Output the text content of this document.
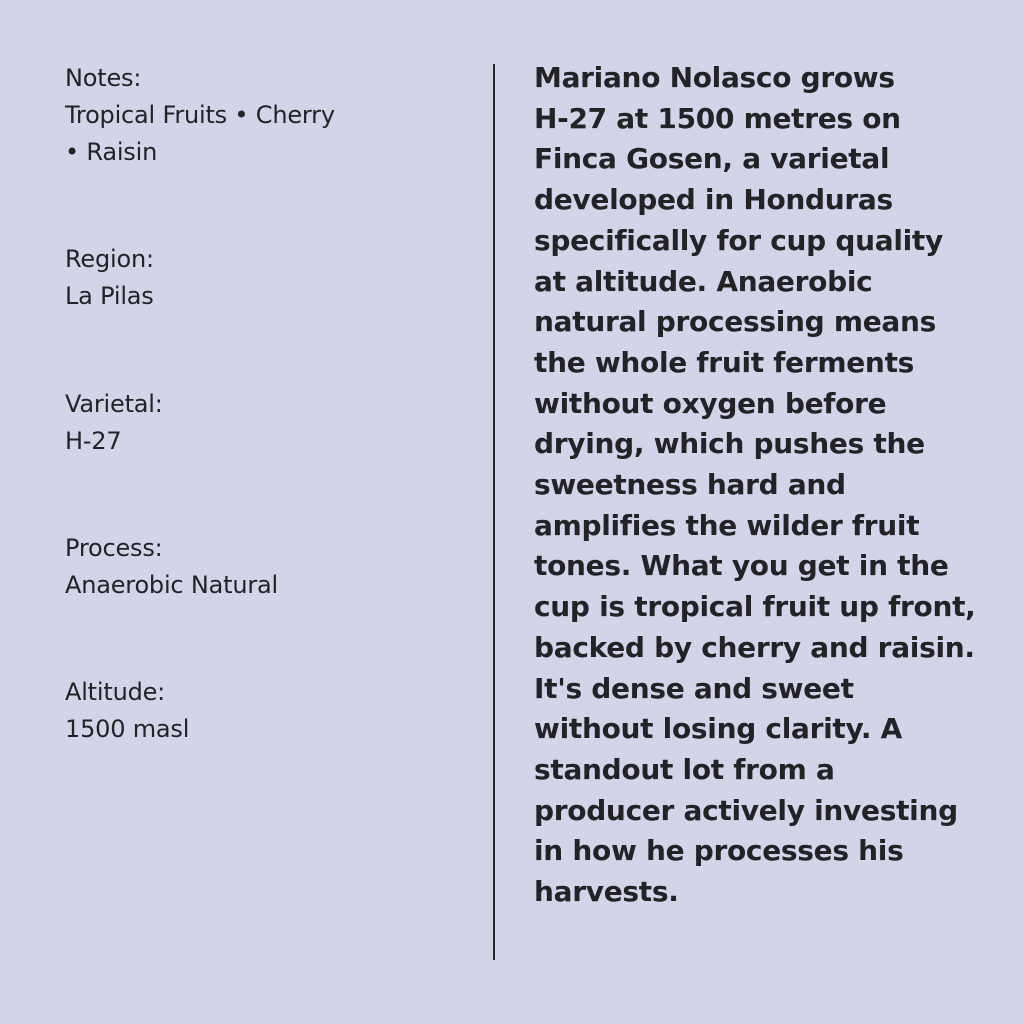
Notes:
Tropical Fruits • Cherry
• Raisin
Region:
La Pilas
Varietal:
H-27
Process:
Anaerobic Natural
Altitude:
1500 masl
Mariano Nolasco grows
H-27 at 1500 metres on
Finca Gosen, a varietal
developed in Honduras
specifically for cup quality
at altitude. Anaerobic
natural processing means
the whole fruit ferments
without oxygen before
drying, which pushes the
sweetness hard and
amplifies the wilder fruit
tones. What you get in the
cup is tropical fruit up front,
backed by cherry and raisin.
It's dense and sweet
without losing clarity. A
standout lot from a
producer actively investing
in how he processes his
harvests.
